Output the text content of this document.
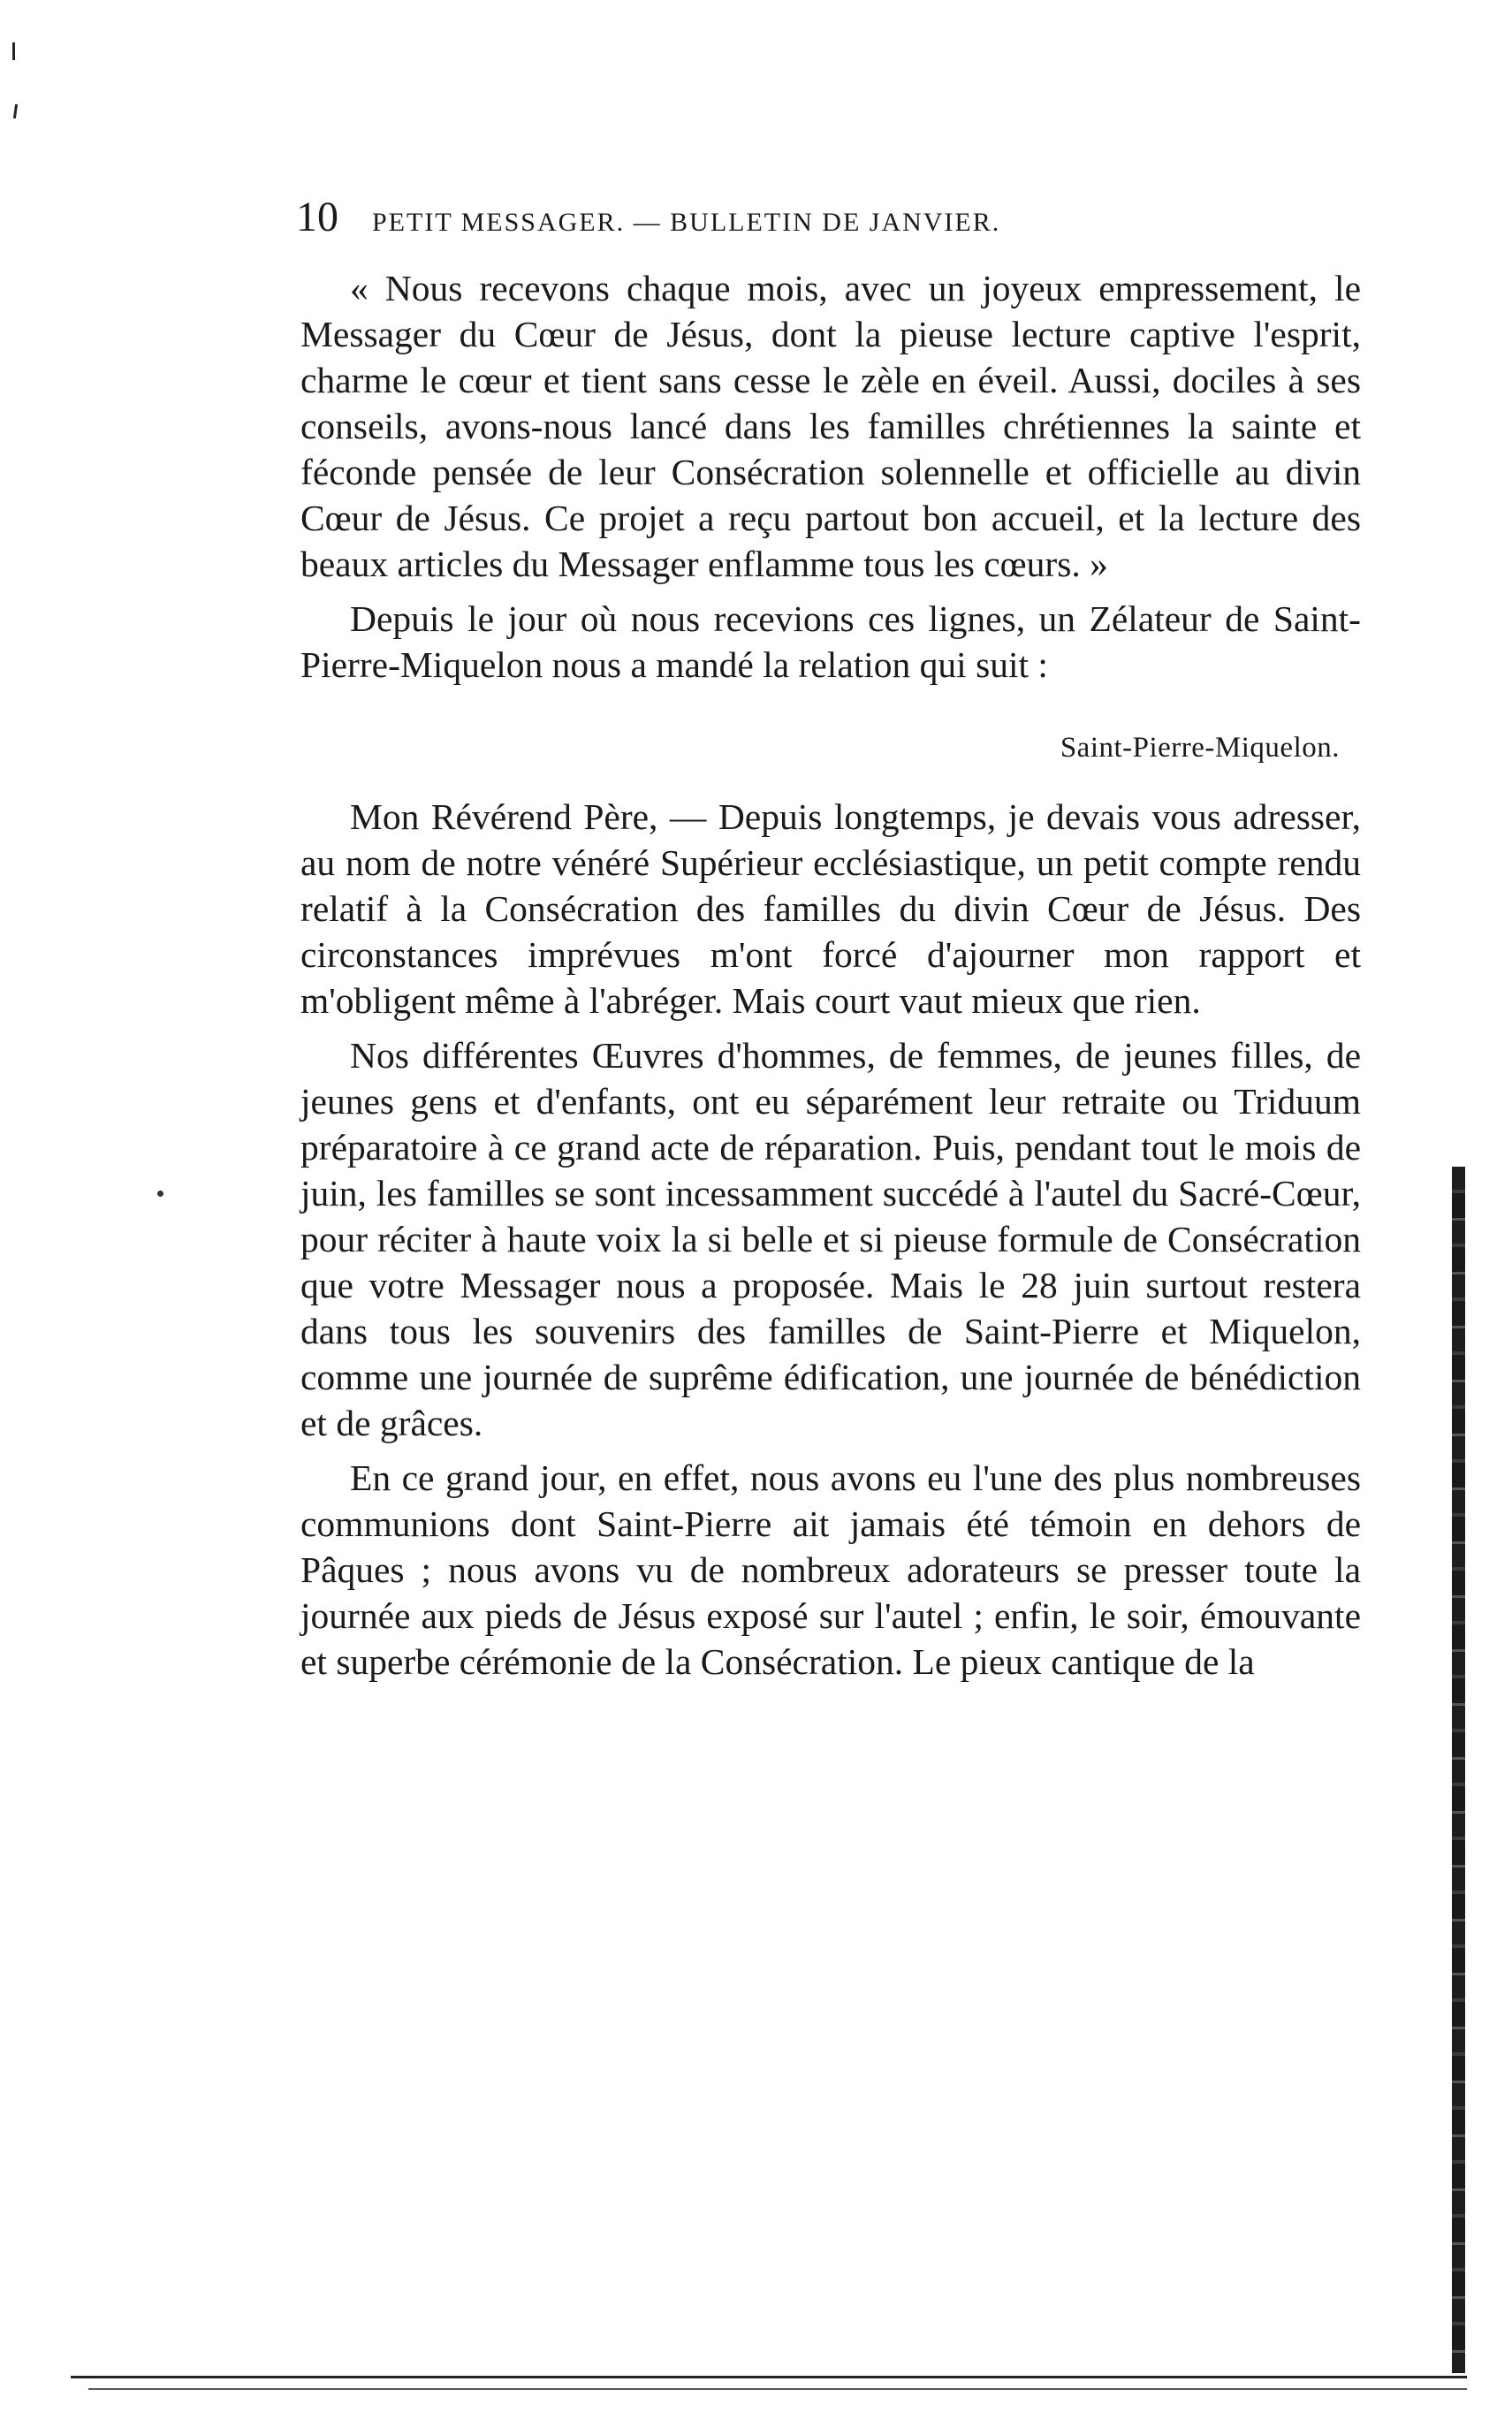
10 PETIT MESSAGER. — BULLETIN DE JANVIER.

« Nous recevons chaque mois, avec un joyeux empressement, le Messager du Cœur de Jésus, dont la pieuse lecture captive l'esprit, charme le cœur et tient sans cesse le zèle en éveil. Aussi, dociles à ses conseils, avons-nous lancé dans les familles chrétiennes la sainte et féconde pensée de leur Consécration solennelle et officielle au divin Cœur de Jésus. Ce projet a reçu partout bon accueil, et la lecture des beaux articles du Messager enflamme tous les cœurs. »

Depuis le jour où nous recevions ces lignes, un Zélateur de Saint-Pierre-Miquelon nous a mandé la relation qui suit :

Saint-Pierre-Miquelon.

Mon Révérend Père, — Depuis longtemps, je devais vous adresser, au nom de notre vénéré Supérieur ecclésiastique, un petit compte rendu relatif à la Consécration des familles du divin Cœur de Jésus. Des circonstances imprévues m'ont forcé d'ajourner mon rapport et m'obligent même à l'abréger. Mais court vaut mieux que rien.

Nos différentes Œuvres d'hommes, de femmes, de jeunes filles, de jeunes gens et d'enfants, ont eu séparément leur retraite ou Triduum préparatoire à ce grand acte de réparation. Puis, pendant tout le mois de juin, les familles se sont incessamment succédé à l'autel du Sacré-Cœur, pour réciter à haute voix la si belle et si pieuse formule de Consécration que votre Messager nous a proposée. Mais le 28 juin surtout restera dans tous les souvenirs des familles de Saint-Pierre et Miquelon, comme une journée de suprême édification, une journée de bénédiction et de grâces.

En ce grand jour, en effet, nous avons eu l'une des plus nombreuses communions dont Saint-Pierre ait jamais été témoin en dehors de Pâques ; nous avons vu de nombreux adorateurs se presser toute la journée aux pieds de Jésus exposé sur l'autel ; enfin, le soir, émouvante et superbe cérémonie de la Consécration. Le pieux cantique de la
